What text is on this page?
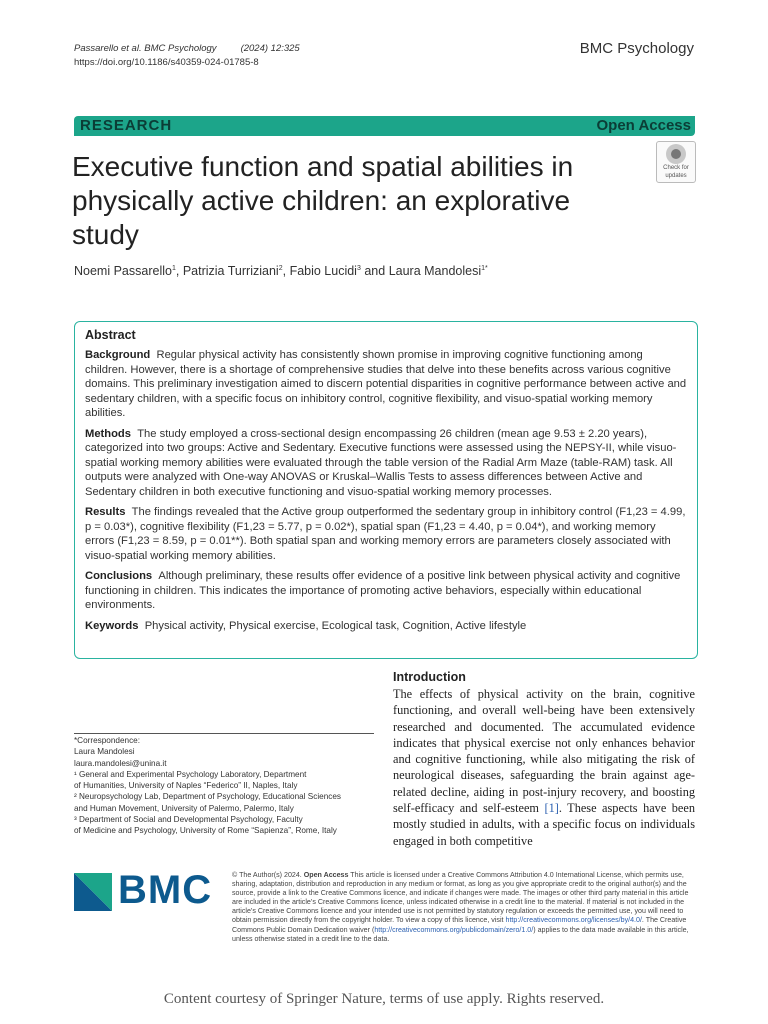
Passarello et al. BMC Psychology	(2024) 12:325
https://doi.org/10.1186/s40359-024-01785-8
BMC Psychology
RESEARCH	Open Access
Executive function and spatial abilities in physically active children: an explorative study
Check for
updates
Noemi Passarello$^1$, Patrizia Turriziani$^2$, Fabio Lucidi$^3$ and Laura Mandolesi$^{1*}$
Abstract

Background Regular physical activity has consistently shown promise in improving cognitive functioning among children. However, there is a shortage of comprehensive studies that delve into these benefits across various cognitive domains. This preliminary investigation aimed to discern potential disparities in cognitive performance between active and sedentary children, with a specific focus on inhibitory control, cognitive flexibility, and visuo-spatial working memory abilities.

Methods The study employed a cross-sectional design encompassing 26 children (mean age 9.53 ± 2.20 years), categorized into two groups: Active and Sedentary. Executive functions were assessed using the NEPSY-II, while visuo-spatial working memory abilities were evaluated through the table version of the Radial Arm Maze (table-RAM) task. All outputs were analyzed with One-way ANOVAS or Kruskal–Wallis Tests to assess differences between Active and Sedentary children in both executive functioning and visuo-spatial working memory processes.

Results The findings revealed that the Active group outperformed the sedentary group in inhibitory control (F1,23 = 4.99, p = 0.03*), cognitive flexibility (F1,23 = 5.77, p = 0.02*), spatial span (F1,23 = 4.40, p = 0.04*), and working memory errors (F1,23 = 8.59, p = 0.01**). Both spatial span and working memory errors are parameters closely associated with visuo-spatial working memory abilities.

Conclusions Although preliminary, these results offer evidence of a positive link between physical activity and cognitive functioning in children. This indicates the importance of promoting active behaviors, especially within educational environments.

Keywords Physical activity, Physical exercise, Ecological task, Cognition, Active lifestyle

*Correspondence:
Laura Mandolesi
laura.mandolesi@unina.it
¹ General and Experimental Psychology Laboratory, Department
of Humanities, University of Naples “Federico” II, Naples, Italy
² Neuropsychology Lab, Department of Psychology, Educational Sciences
and Human Movement, University of Palermo, Palermo, Italy
³ Department of Social and Developmental Psychology, Faculty
of Medicine and Psychology, University of Rome “Sapienza”, Rome, Italy
Introduction
The effects of physical activity on the brain, cognitive functioning, and overall well-being have been extensively researched and documented. The accumulated evidence indicates that physical exercise not only enhances behavior and cognitive functioning, while also mitigating the risk of neurological diseases, safeguarding the brain against age-related decline, aiding in post-injury recovery, and boosting self-efficacy and self-esteem [1]. These aspects have been mostly studied in adults, with a specific focus on individuals engaged in both competitive
BMC	© The Author(s) 2024. Open Access This article is licensed under a Creative Commons Attribution 4.0 International License, which permits use, sharing, adaptation, distribution and reproduction in any medium or format, as long as you give appropriate credit to the original author(s) and the source, provide a link to the Creative Commons licence, and indicate if changes were made. The images or other third party material in this article are included in the article’s Creative Commons licence, unless indicated otherwise in a credit line to the material. If material is not included in the article’s Creative Commons licence and your intended use is not permitted by statutory regulation or exceeds the permitted use, you will need to obtain permission directly from the copyright holder. To view a copy of this licence, visit http://creativecommons.org/licenses/by/4.0/. The Creative Commons Public Domain Dedication waiver (http://creativecommons.org/publicdomain/zero/1.0/) applies to the data made available in this article, unless otherwise stated in a credit line to the data.
Content courtesy of Springer Nature, terms of use apply. Rights reserved.
